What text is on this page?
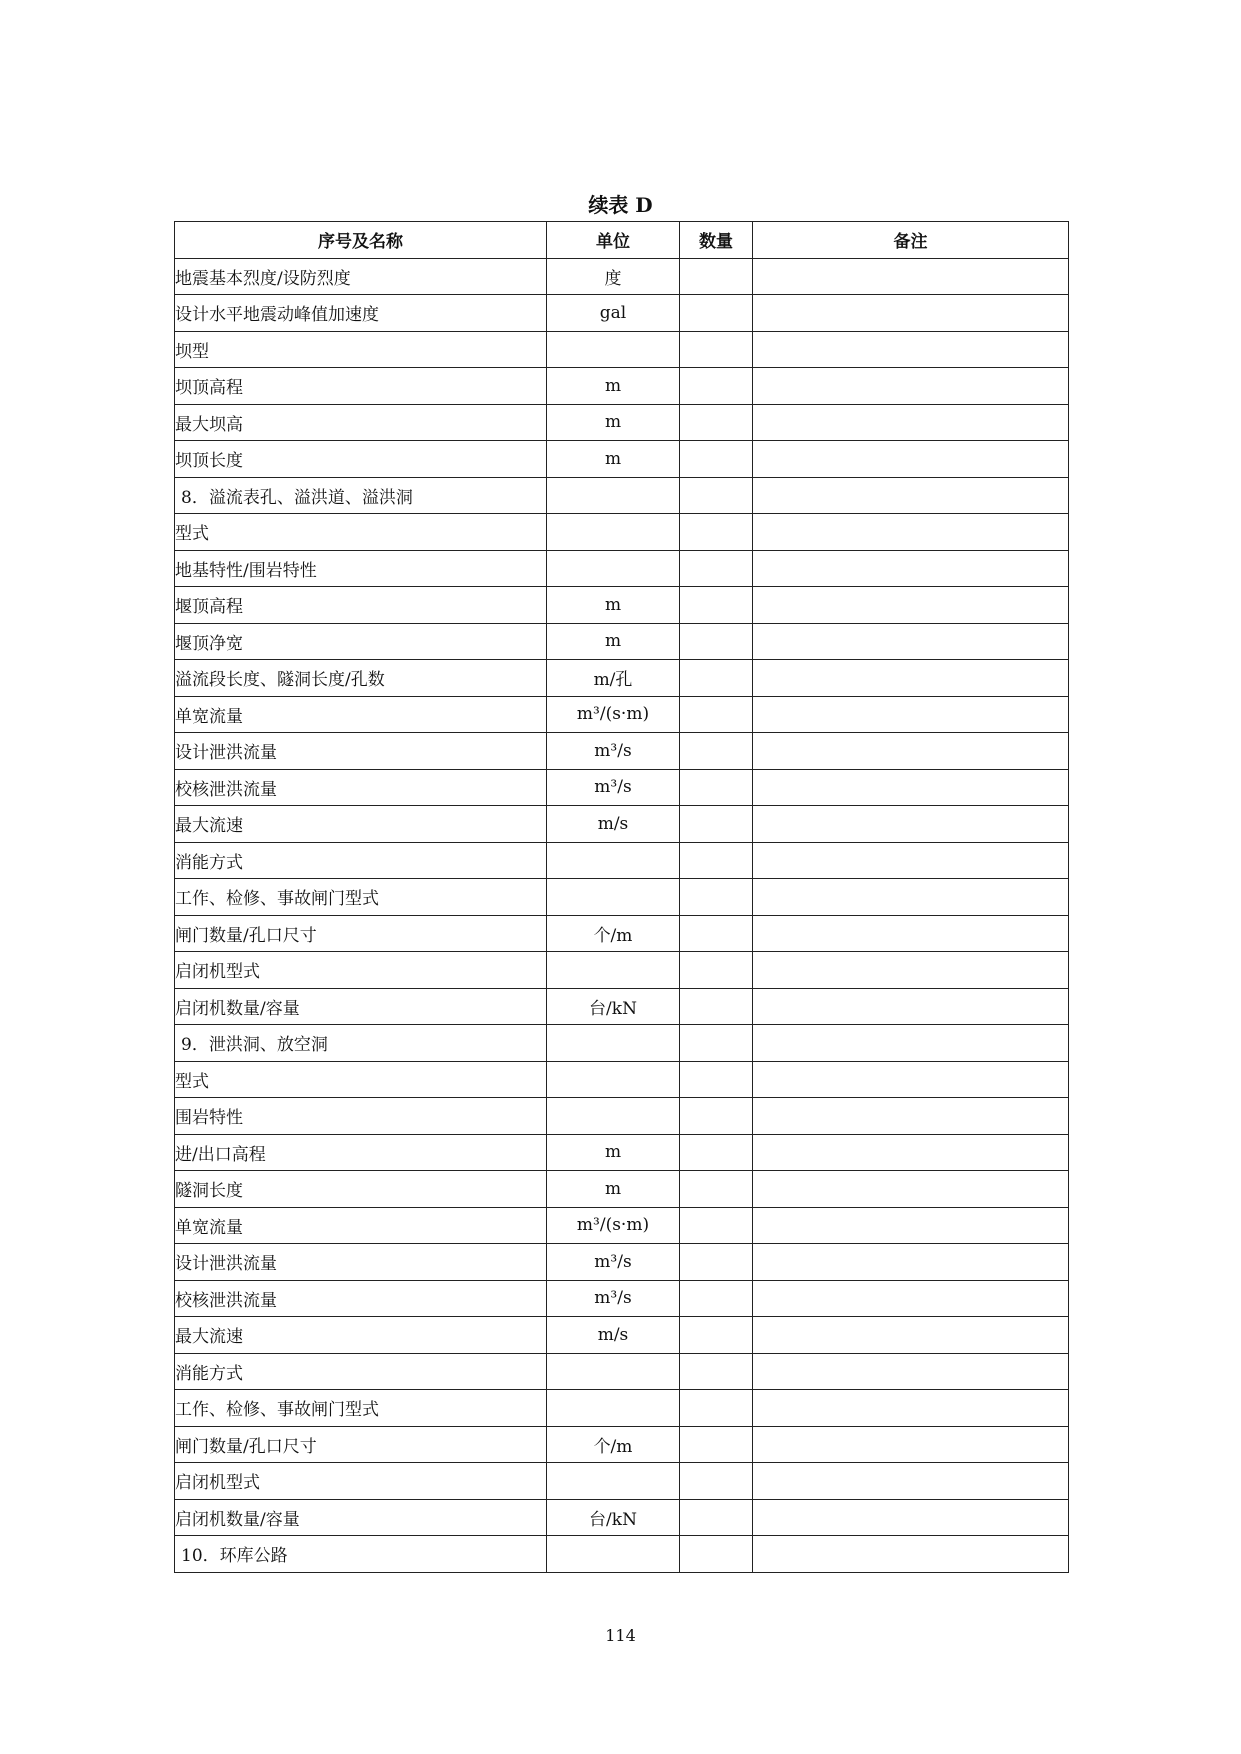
续表 D
序号及名称	单位	数量	备注
地震基本烈度/设防烈度	度		
设计水平地震动峰值加速度	gal		
坝型			
坝顶高程	m		
最大坝高	m		
坝顶长度	m		
8．溢流表孔、溢洪道、溢洪洞			
型式			
地基特性/围岩特性			
堰顶高程	m		
堰顶净宽	m		
溢流段长度、隧洞长度/孔数	m/孔		
单宽流量	m³/(s·m)		
设计泄洪流量	m³/s		
校核泄洪流量	m³/s		
最大流速	m/s		
消能方式			
工作、检修、事故闸门型式			
闸门数量/孔口尺寸	个/m		
启闭机型式			
启闭机数量/容量	台/kN		
9．泄洪洞、放空洞			
型式			
围岩特性			
进/出口高程	m		
隧洞长度	m		
单宽流量	m³/(s·m)		
设计泄洪流量	m³/s		
校核泄洪流量	m³/s		
最大流速	m/s		
消能方式			
工作、检修、事故闸门型式			
闸门数量/孔口尺寸	个/m		
启闭机型式			
启闭机数量/容量	台/kN		
10．环库公路			
114
